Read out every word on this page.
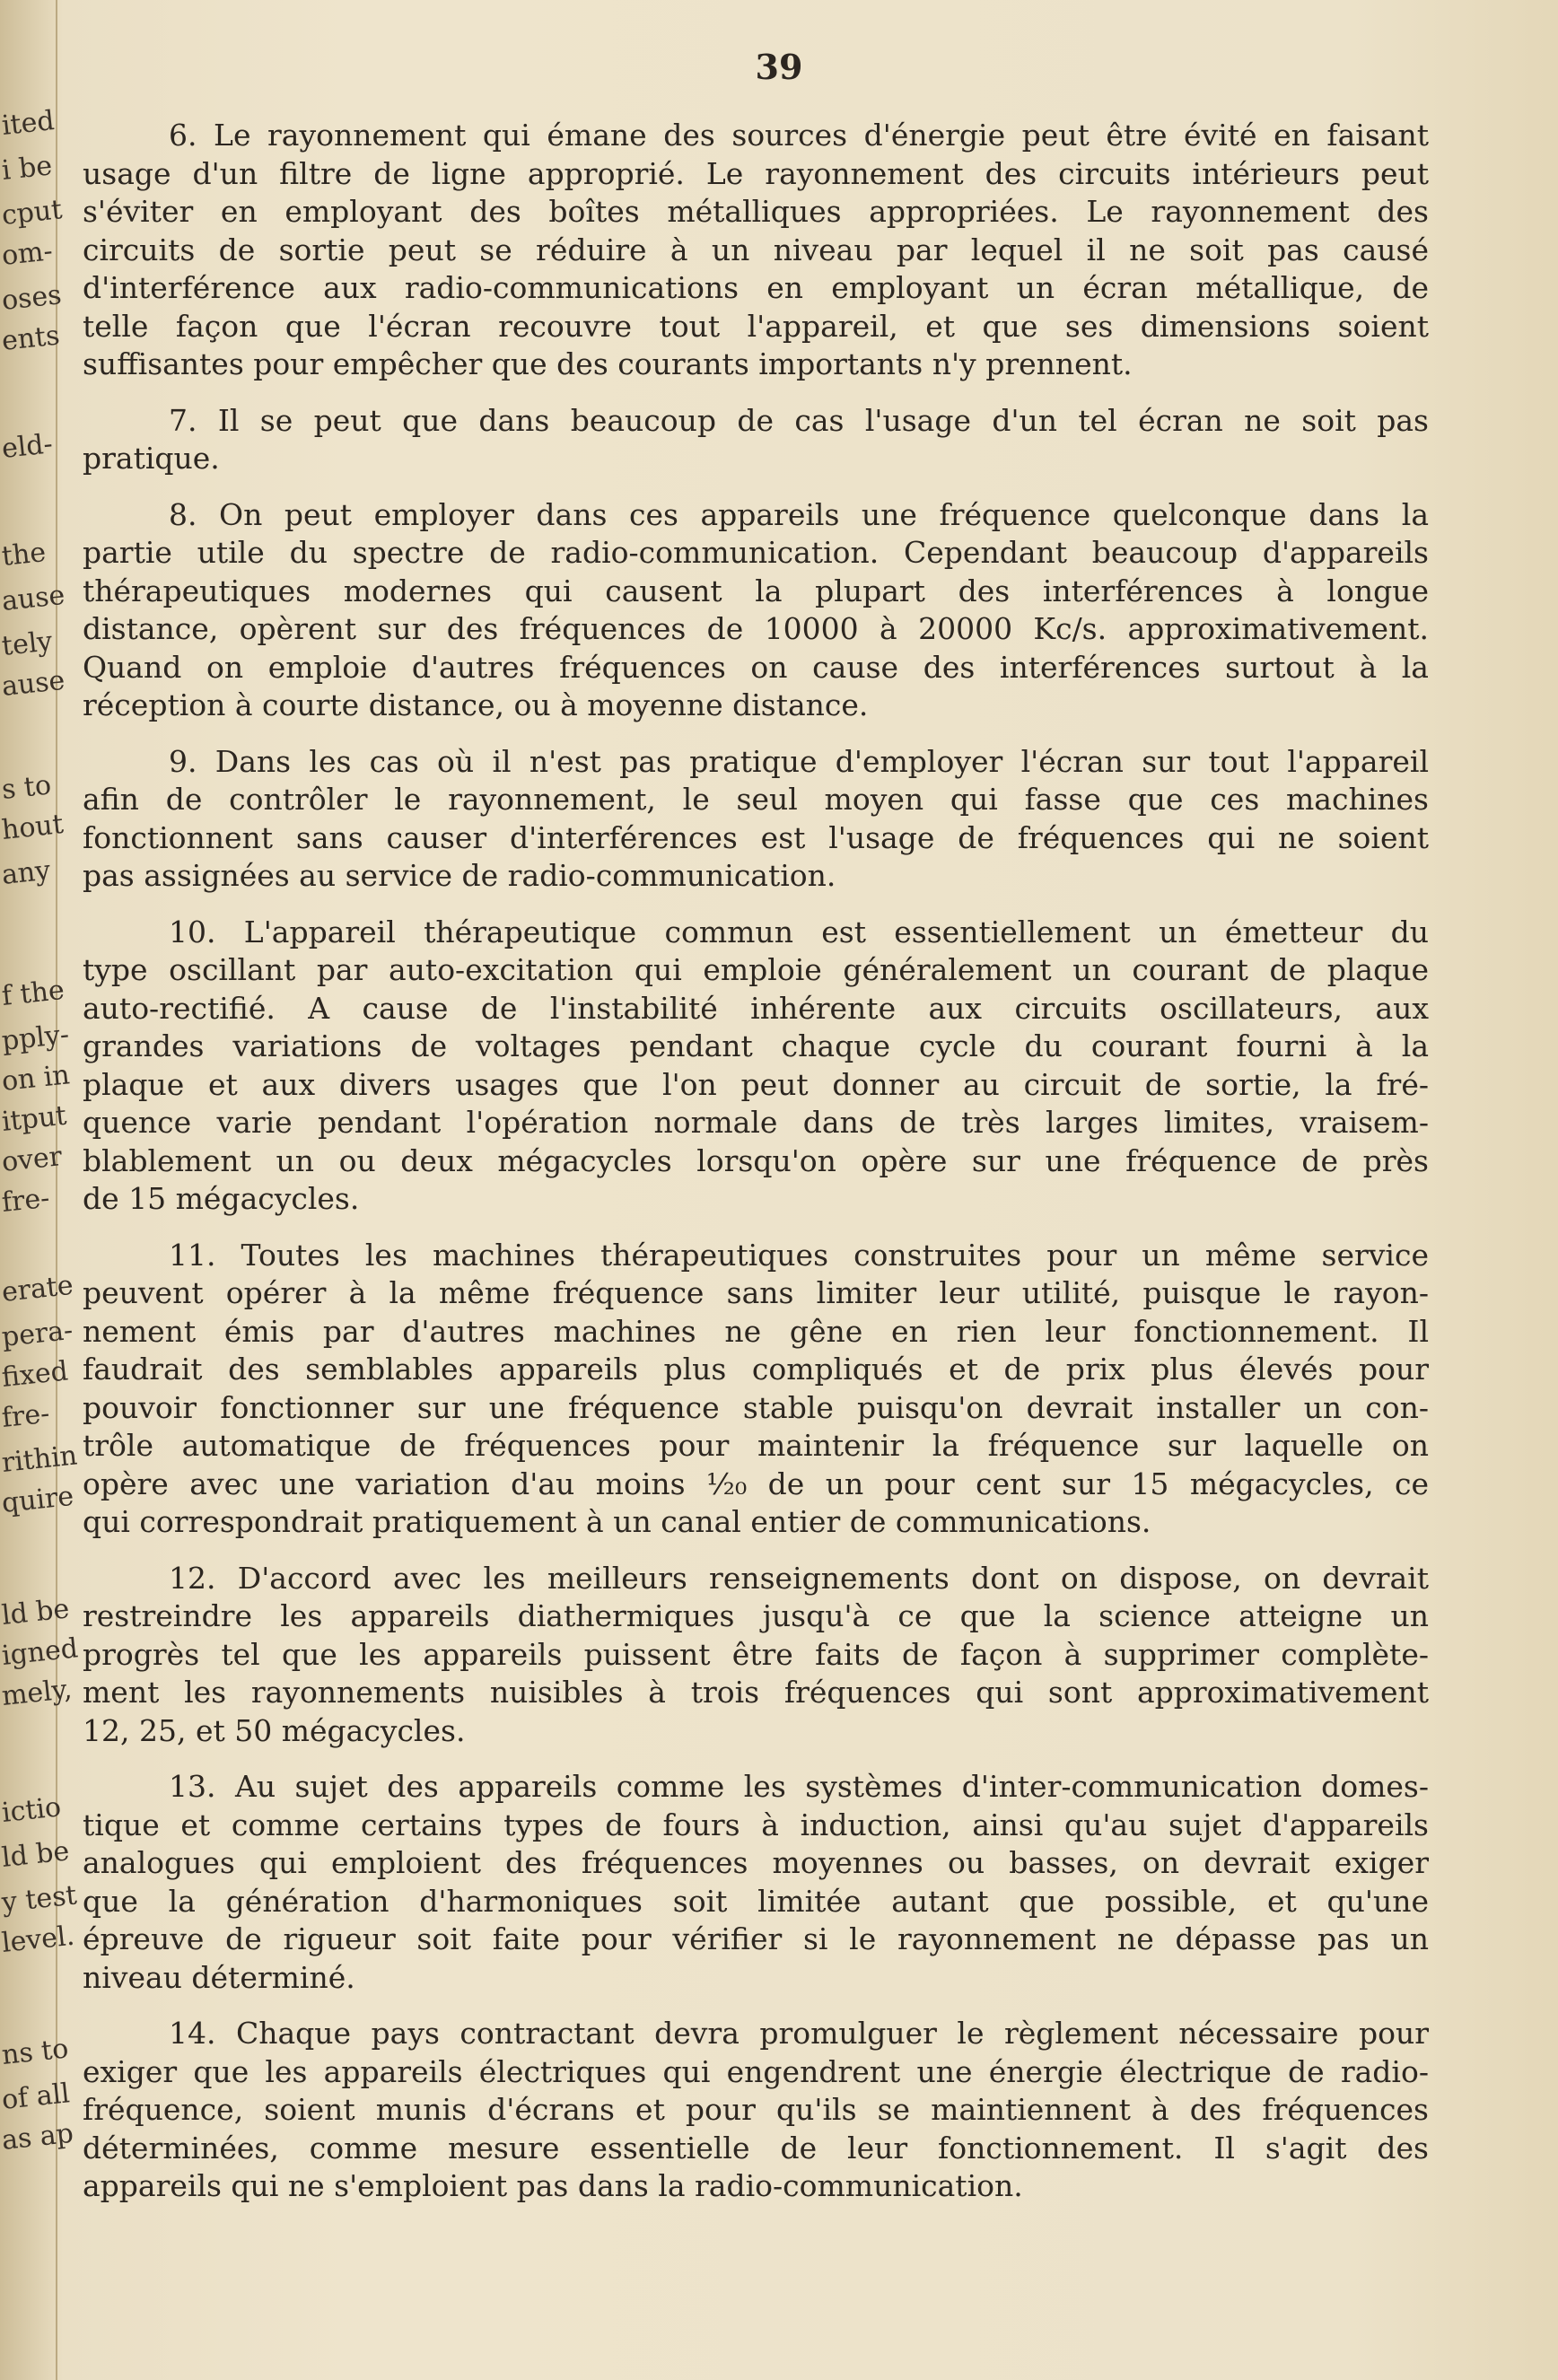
ited
i be
cput
om-
oses
ents
eld-
the
ause
tely
ause
s to
hout
any
f the
pply-
on in
itput
over
fre-
erate
pera-
fixed
fre-
rithin
quire
ld be
igned
mely,
ictio
ld be
y test
level.
ns to
of all
as ap
39
6. Le rayonnement qui émane des sources d'énergie peut être évité en faisant
usage d'un filtre de ligne approprié. Le rayonnement des circuits intérieurs peut
s'éviter en employant des boîtes métalliques appropriées. Le rayonnement des
circuits de sortie peut se réduire à un niveau par lequel il ne soit pas causé
d'interférence aux radio-communications en employant un écran métallique, de
telle façon que l'écran recouvre tout l'appareil, et que ses dimensions soient
suffisantes pour empêcher que des courants importants n'y prennent.
7. Il se peut que dans beaucoup de cas l'usage d'un tel écran ne soit pas
pratique.
8. On peut employer dans ces appareils une fréquence quelconque dans la
partie utile du spectre de radio-communication. Cependant beaucoup d'appareils
thérapeutiques modernes qui causent la plupart des interférences à longue
distance, opèrent sur des fréquences de 10000 à 20000 Kc/s. approximativement.
Quand on emploie d'autres fréquences on cause des interférences surtout à la
réception à courte distance, ou à moyenne distance.
9. Dans les cas où il n'est pas pratique d'employer l'écran sur tout l'appareil
afin de contrôler le rayonnement, le seul moyen qui fasse que ces machines
fonctionnent sans causer d'interférences est l'usage de fréquences qui ne soient
pas assignées au service de radio-communication.
10. L'appareil thérapeutique commun est essentiellement un émetteur du
type oscillant par auto-excitation qui emploie généralement un courant de plaque
auto-rectifié. A cause de l'instabilité inhérente aux circuits oscillateurs, aux
grandes variations de voltages pendant chaque cycle du courant fourni à la
plaque et aux divers usages que l'on peut donner au circuit de sortie, la fré-
quence varie pendant l'opération normale dans de très larges limites, vraisem-
blablement un ou deux mégacycles lorsqu'on opère sur une fréquence de près
de 15 mégacycles.
11. Toutes les machines thérapeutiques construites pour un même service
peuvent opérer à la même fréquence sans limiter leur utilité, puisque le rayon-
nement émis par d'autres machines ne gêne en rien leur fonctionnement. Il
faudrait des semblables appareils plus compliqués et de prix plus élevés pour
pouvoir fonctionner sur une fréquence stable puisqu'on devrait installer un con-
trôle automatique de fréquences pour maintenir la fréquence sur laquelle on
opère avec une variation d'au moins ½₀ de un pour cent sur 15 mégacycles, ce
qui correspondrait pratiquement à un canal entier de communications.
12. D'accord avec les meilleurs renseignements dont on dispose, on devrait
restreindre les appareils diathermiques jusqu'à ce que la science atteigne un
progrès tel que les appareils puissent être faits de façon à supprimer complète-
ment les rayonnements nuisibles à trois fréquences qui sont approximativement
12, 25, et 50 mégacycles.
13. Au sujet des appareils comme les systèmes d'inter-communication domes-
tique et comme certains types de fours à induction, ainsi qu'au sujet d'appareils
analogues qui emploient des fréquences moyennes ou basses, on devrait exiger
que la génération d'harmoniques soit limitée autant que possible, et qu'une
épreuve de rigueur soit faite pour vérifier si le rayonnement ne dépasse pas un
niveau déterminé.
14. Chaque pays contractant devra promulguer le règlement nécessaire pour
exiger que les appareils électriques qui engendrent une énergie électrique de radio-
fréquence, soient munis d'écrans et pour qu'ils se maintiennent à des fréquences
déterminées, comme mesure essentielle de leur fonctionnement. Il s'agit des
appareils qui ne s'emploient pas dans la radio-communication.
